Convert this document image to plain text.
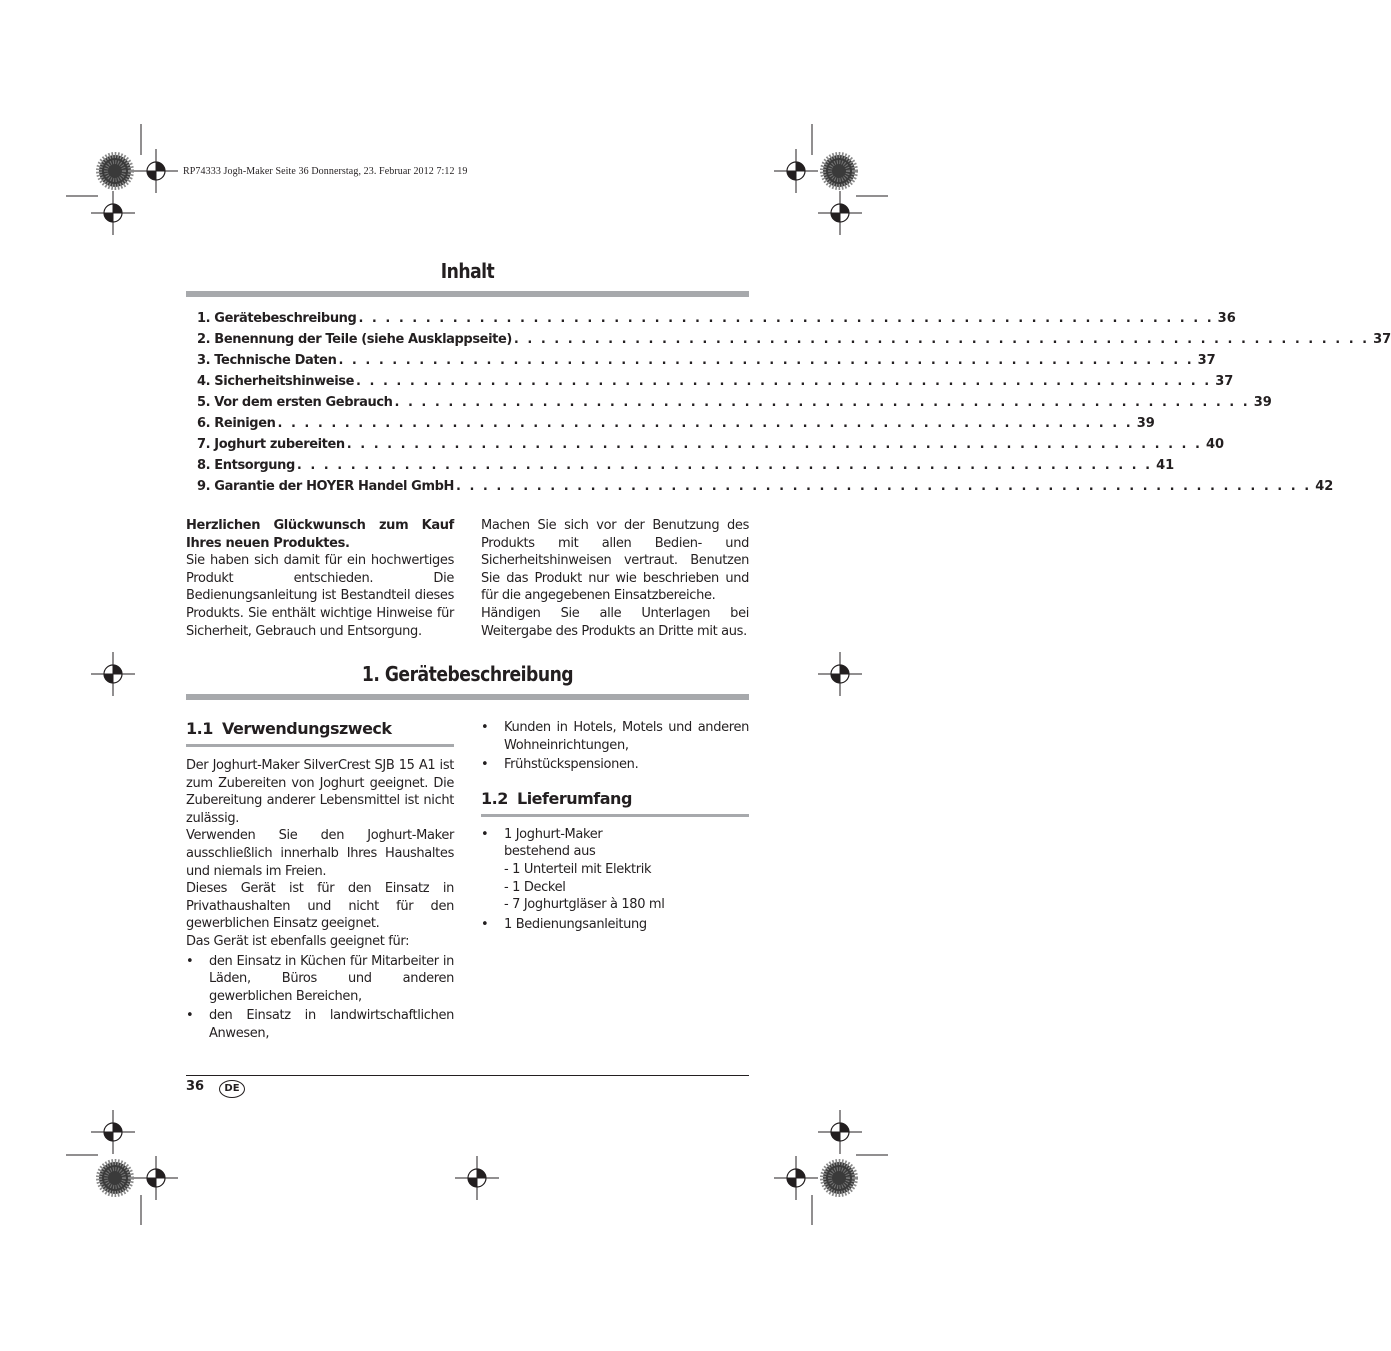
RP74333 Jogh-Maker Seite 36 Donnerstag, 23. Februar 2012 7:12 19
Inhalt
1. Gerätebeschreibung . . . . . . . . . . . . . . . . . . . . . . . . . . . . . . . . . . . . . . . . . . . . . . . . . . . . . . . . . . . . . . . . 36
2. Benennung der Teile (siehe Ausklappseite) . . . . . . . . . . . . . . . . . . . . . . . . . . . . . . . . . . . . . . . . . . . . . . . . . . . . . . . . . . . . . . . . 37
3. Technische Daten . . . . . . . . . . . . . . . . . . . . . . . . . . . . . . . . . . . . . . . . . . . . . . . . . . . . . . . . . . . . . . . . 37
4. Sicherheitshinweise . . . . . . . . . . . . . . . . . . . . . . . . . . . . . . . . . . . . . . . . . . . . . . . . . . . . . . . . . . . . . . . . 37
5. Vor dem ersten Gebrauch . . . . . . . . . . . . . . . . . . . . . . . . . . . . . . . . . . . . . . . . . . . . . . . . . . . . . . . . . . . . . . . . 39
6. Reinigen . . . . . . . . . . . . . . . . . . . . . . . . . . . . . . . . . . . . . . . . . . . . . . . . . . . . . . . . . . . . . . . . 39
7. Joghurt zubereiten . . . . . . . . . . . . . . . . . . . . . . . . . . . . . . . . . . . . . . . . . . . . . . . . . . . . . . . . . . . . . . . . 40
8. Entsorgung . . . . . . . . . . . . . . . . . . . . . . . . . . . . . . . . . . . . . . . . . . . . . . . . . . . . . . . . . . . . . . . . 41
9. Garantie der HOYER Handel GmbH . . . . . . . . . . . . . . . . . . . . . . . . . . . . . . . . . . . . . . . . . . . . . . . . . . . . . . . . . . . . . . . . 42

Herzlichen Glückwunsch zum Kauf Ihres neuen Produktes.

Sie haben sich damit für ein hochwertiges Produkt entschieden. Die Bedienungsanleitung ist Bestandteil dieses Produkts. Sie enthält wichtige Hinweise für Sicherheit, Gebrauch und Entsorgung.

Machen Sie sich vor der Benutzung des Produkts mit allen Bedien- und Sicherheitshinweisen vertraut. Benutzen Sie das Produkt nur wie beschrieben und für die angegebenen Einsatzbereiche.

Händigen Sie alle Unterlagen bei Weitergabe des Produkts an Dritte mit aus.

1. Gerätebeschreibung
1.1 Verwendungszweck

Der Joghurt-Maker SilverCrest SJB 15 A1 ist zum Zubereiten von Joghurt geeignet. Die Zubereitung anderer Lebensmittel ist nicht zulässig.

Verwenden Sie den Joghurt-Maker ausschließlich innerhalb Ihres Haushaltes und niemals im Freien.

Dieses Gerät ist für den Einsatz in Privathaushalten und nicht für den gewerblichen Einsatz geeignet.

Das Gerät ist ebenfalls geeignet für:

• den Einsatz in Küchen für Mitarbeiter in Läden, Büros und anderen gewerblichen Bereichen,
• den Einsatz in landwirtschaftlichen Anwesen,
• Kunden in Hotels, Motels und anderen Wohneinrichtungen,
• Frühstückspensionen.
1.2 Lieferumfang
• 1 Joghurt-Maker
bestehend aus
- 1 Unterteil mit Elektrik
- 1 Deckel
- 7 Joghurtgläser à 180 ml
• 1 Bedienungsanleitung
36	DE
